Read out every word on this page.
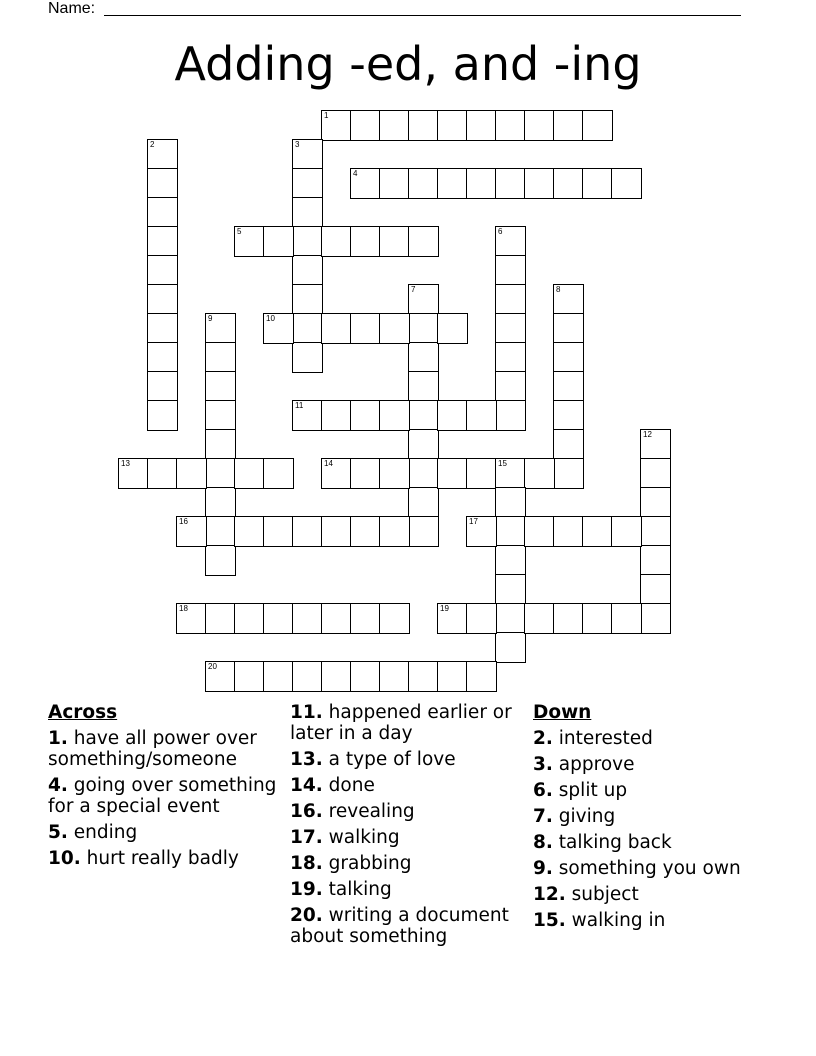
Name:
Adding -ed, and -ing
1
2	3
4
5	6
7	8
9	10
11
12
13	14	15
16	17
18	19
20
Across
1. have all power over something/someone
4. going over something for a special event
5. ending
10. hurt really badly
11. happened earlier or later in a day
13. a type of love
14. done
16. revealing
17. walking
18. grabbing
19. talking
20. writing a document about something
Down
2. interested
3. approve
6. split up
7. giving
8. talking back
9. something you own
12. subject
15. walking in
